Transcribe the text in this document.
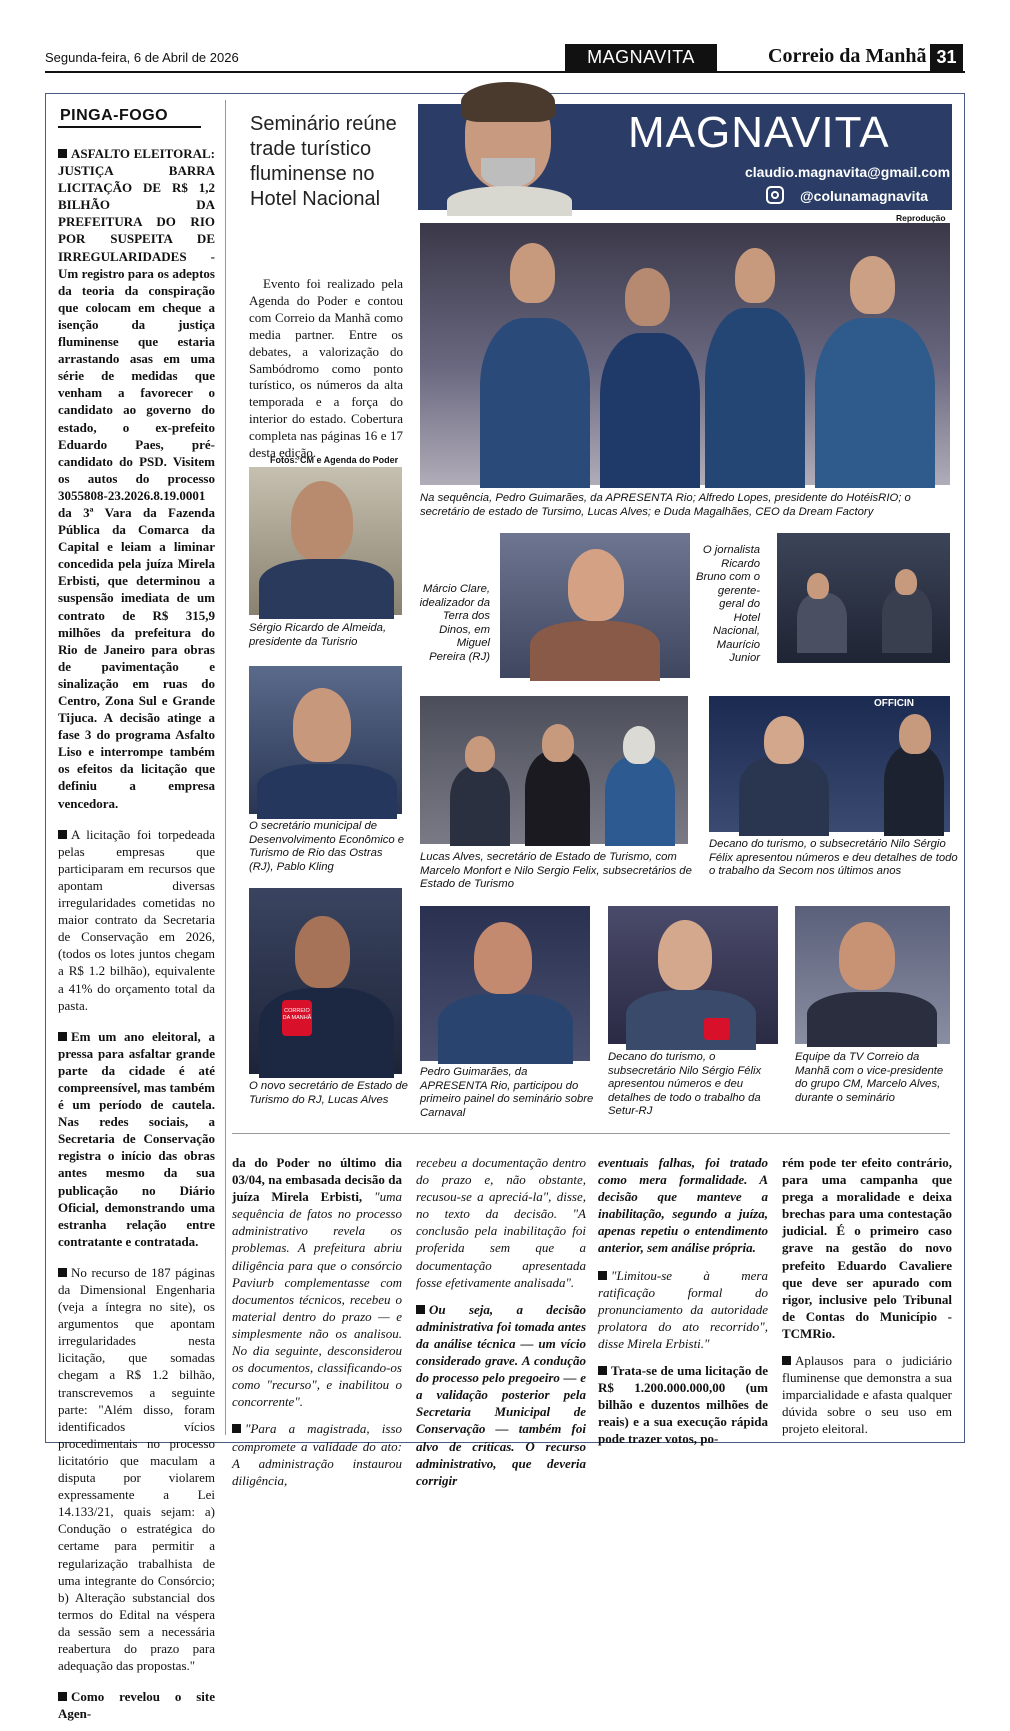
Segunda-feira, 6 de Abril de 2026	MAGNAVITA	Correio da Manhã 31
PINGA-FOGO

ASFALTO ELEITORAL: JUSTIÇA BARRA LICITAÇÃO DE R$ 1,2 BILHÃO DA PREFEITURA DO RIO POR SUSPEITA DE IRREGULARIDADES - Um registro para os adeptos da teoria da conspiração que colocam em cheque a isenção da justiça fluminense que estaria arrastando asas em uma série de medidas que venham a favorecer o candidato ao governo do estado, o ex-prefeito Eduardo Paes, pré-candidato do PSD. Visitem os autos do processo 3055808-23.2026.8.19.0001 da 3ª Vara da Fazenda Pública da Comarca da Capital e leiam a liminar concedida pela juíza Mirela Erbisti, que determinou a suspensão imediata de um contrato de R$ 315,9 milhões da prefeitura do Rio de Janeiro para obras de pavimentação e sinalização em ruas do Centro, Zona Sul e Grande Tijuca. A decisão atinge a fase 3 do programa Asfalto Liso e interrompe também os efeitos da licitação que definiu a empresa vencedora.

A licitação foi torpedeada pelas empresas que participaram em recursos que apontam diversas irregularidades cometidas no maior contrato da Secretaria de Conservação em 2026, (todos os lotes juntos chegam a R$ 1.2 bilhão), equivalente a 41% do orçamento total da pasta.

Em um ano eleitoral, a pressa para asfaltar grande parte da cidade é até compreensível, mas também é um período de cautela. Nas redes sociais, a Secretaria de Conservação registra o início das obras antes mesmo da sua publicação no Diário Oficial, demonstrando uma estranha relação entre contratante e contratada.

No recurso de 187 páginas da Dimensional Engenharia (veja a íntegra no site), os argumentos que apontam irregularidades nesta licitação, que somadas chegam a R$ 1.2 bilhão, transcrevemos a seguinte parte: "Além disso, foram identificados vícios procedimentais no processo licitatório que maculam a disputa por violarem expressamente a Lei 14.133/21, quais sejam: a) Condução o estratégica do certame para permitir a regularização trabalhista de uma integrante do Consórcio; b) Alteração substancial dos termos do Edital na véspera da sessão sem a necessária reabertura do prazo para adequação das propostas."

Como revelou o site Agen-

Seminário reúne trade turístico fluminense no Hotel Nacional
Evento foi realizado pela Agenda do Poder e contou com Correio da Manhã como media partner. Entre os debates, a valorização do Sambódromo como ponto turístico, os números da alta temporada e a força do interior do estado. Cobertura completa nas páginas 16 e 17 desta edição.
Fotos: CM e Agenda do Poder
MAGNAVITA
claudio.magnavita@gmail.com
@colunamagnavita
Reprodução
Na sequência, Pedro Guimarães, da APRESENTA Rio; Alfredo Lopes, presidente do HotéisRIO; o secretário de estado de Tursimo, Lucas Alves; e Duda Magalhães, CEO da Dream Factory
Sérgio Ricardo de Almeida, presidente da Turisrio
Márcio Clare, idealizador da Terra dos Dinos, em Miguel Pereira (RJ)
O jornalista Ricardo Bruno com o gerente-geral do Hotel Nacional, Maurício Junior
O secretário municipal de Desenvolvimento Econômico e Turismo de Rio das Ostras (RJ), Pablo Kling
Lucas Alves, secretário de Estado de Turismo, com Marcelo Monfort e Nilo Sergio Felix, subsecretários de Estado de Turismo
OFFICIN
Decano do turismo, o subsecretário Nilo Sérgio Félix apresentou números e deu detalhes de todo o trabalho da Secom nos últimos anos
CORREIO
DA MANHÃ
O novo secretário de Estado de Turismo do RJ, Lucas Alves
Pedro Guimarães, da APRESENTA Rio, participou do primeiro painel do seminário sobre Carnaval
Decano do turismo, o subsecretário Nilo Sérgio Félix apresentou números e deu detalhes de todo o trabalho da Setur-RJ
Equipe da TV Correio da Manhã com o vice-presidente do grupo CM, Marcelo Alves, durante o seminário

da do Poder no último dia 03/04, na embasada decisão da juíza Mirela Erbisti, "uma sequência de fatos no processo administrativo revela os problemas. A prefeitura abriu diligência para que o consórcio Paviurb complementasse com documentos técnicos, recebeu o material dentro do prazo — e simplesmente não os analisou. No dia seguinte, desconsiderou os documentos, classificando-os como "recurso", e inabilitou o concorrente".

"Para a magistrada, isso compromete a validade do ato: A administração instaurou diligência,

recebeu a documentação dentro do prazo e, não obstante, recusou-se a apreciá-la", disse, no texto da decisão. "A conclusão pela inabilitação foi proferida sem que a documentação apresentada fosse efetivamente analisada".

Ou seja, a decisão administrativa foi tomada antes da análise técnica — um vício considerado grave. A condução do processo pelo pregoeiro — e a validação posterior pela Secretaria Municipal de Conservação — também foi alvo de críticas. O recurso administrativo, que deveria corrigir

eventuais falhas, foi tratado como mera formalidade. A decisão que manteve a inabilitação, segundo a juíza, apenas repetiu o entendimento anterior, sem análise própria.

"Limitou-se à mera ratificação formal do pronunciamento da autoridade prolatora do ato recorrido", disse Mirela Erbisti."

Trata-se de uma licitação de R$ 1.200.000.000,00 (um bilhão e duzentos milhões de reais) e a sua execução rápida pode trazer votos, po-

rém pode ter efeito contrário, para uma campanha que prega a moralidade e deixa brechas para uma contestação judicial. É o primeiro caso grave na gestão do novo prefeito Eduardo Cavaliere que deve ser apurado com rigor, inclusive pelo Tribunal de Contas do Município - TCMRio.

Aplausos para o judiciário fluminense que demonstra a sua imparcialidade e afasta qualquer dúvida sobre o seu uso em projeto eleitoral.
